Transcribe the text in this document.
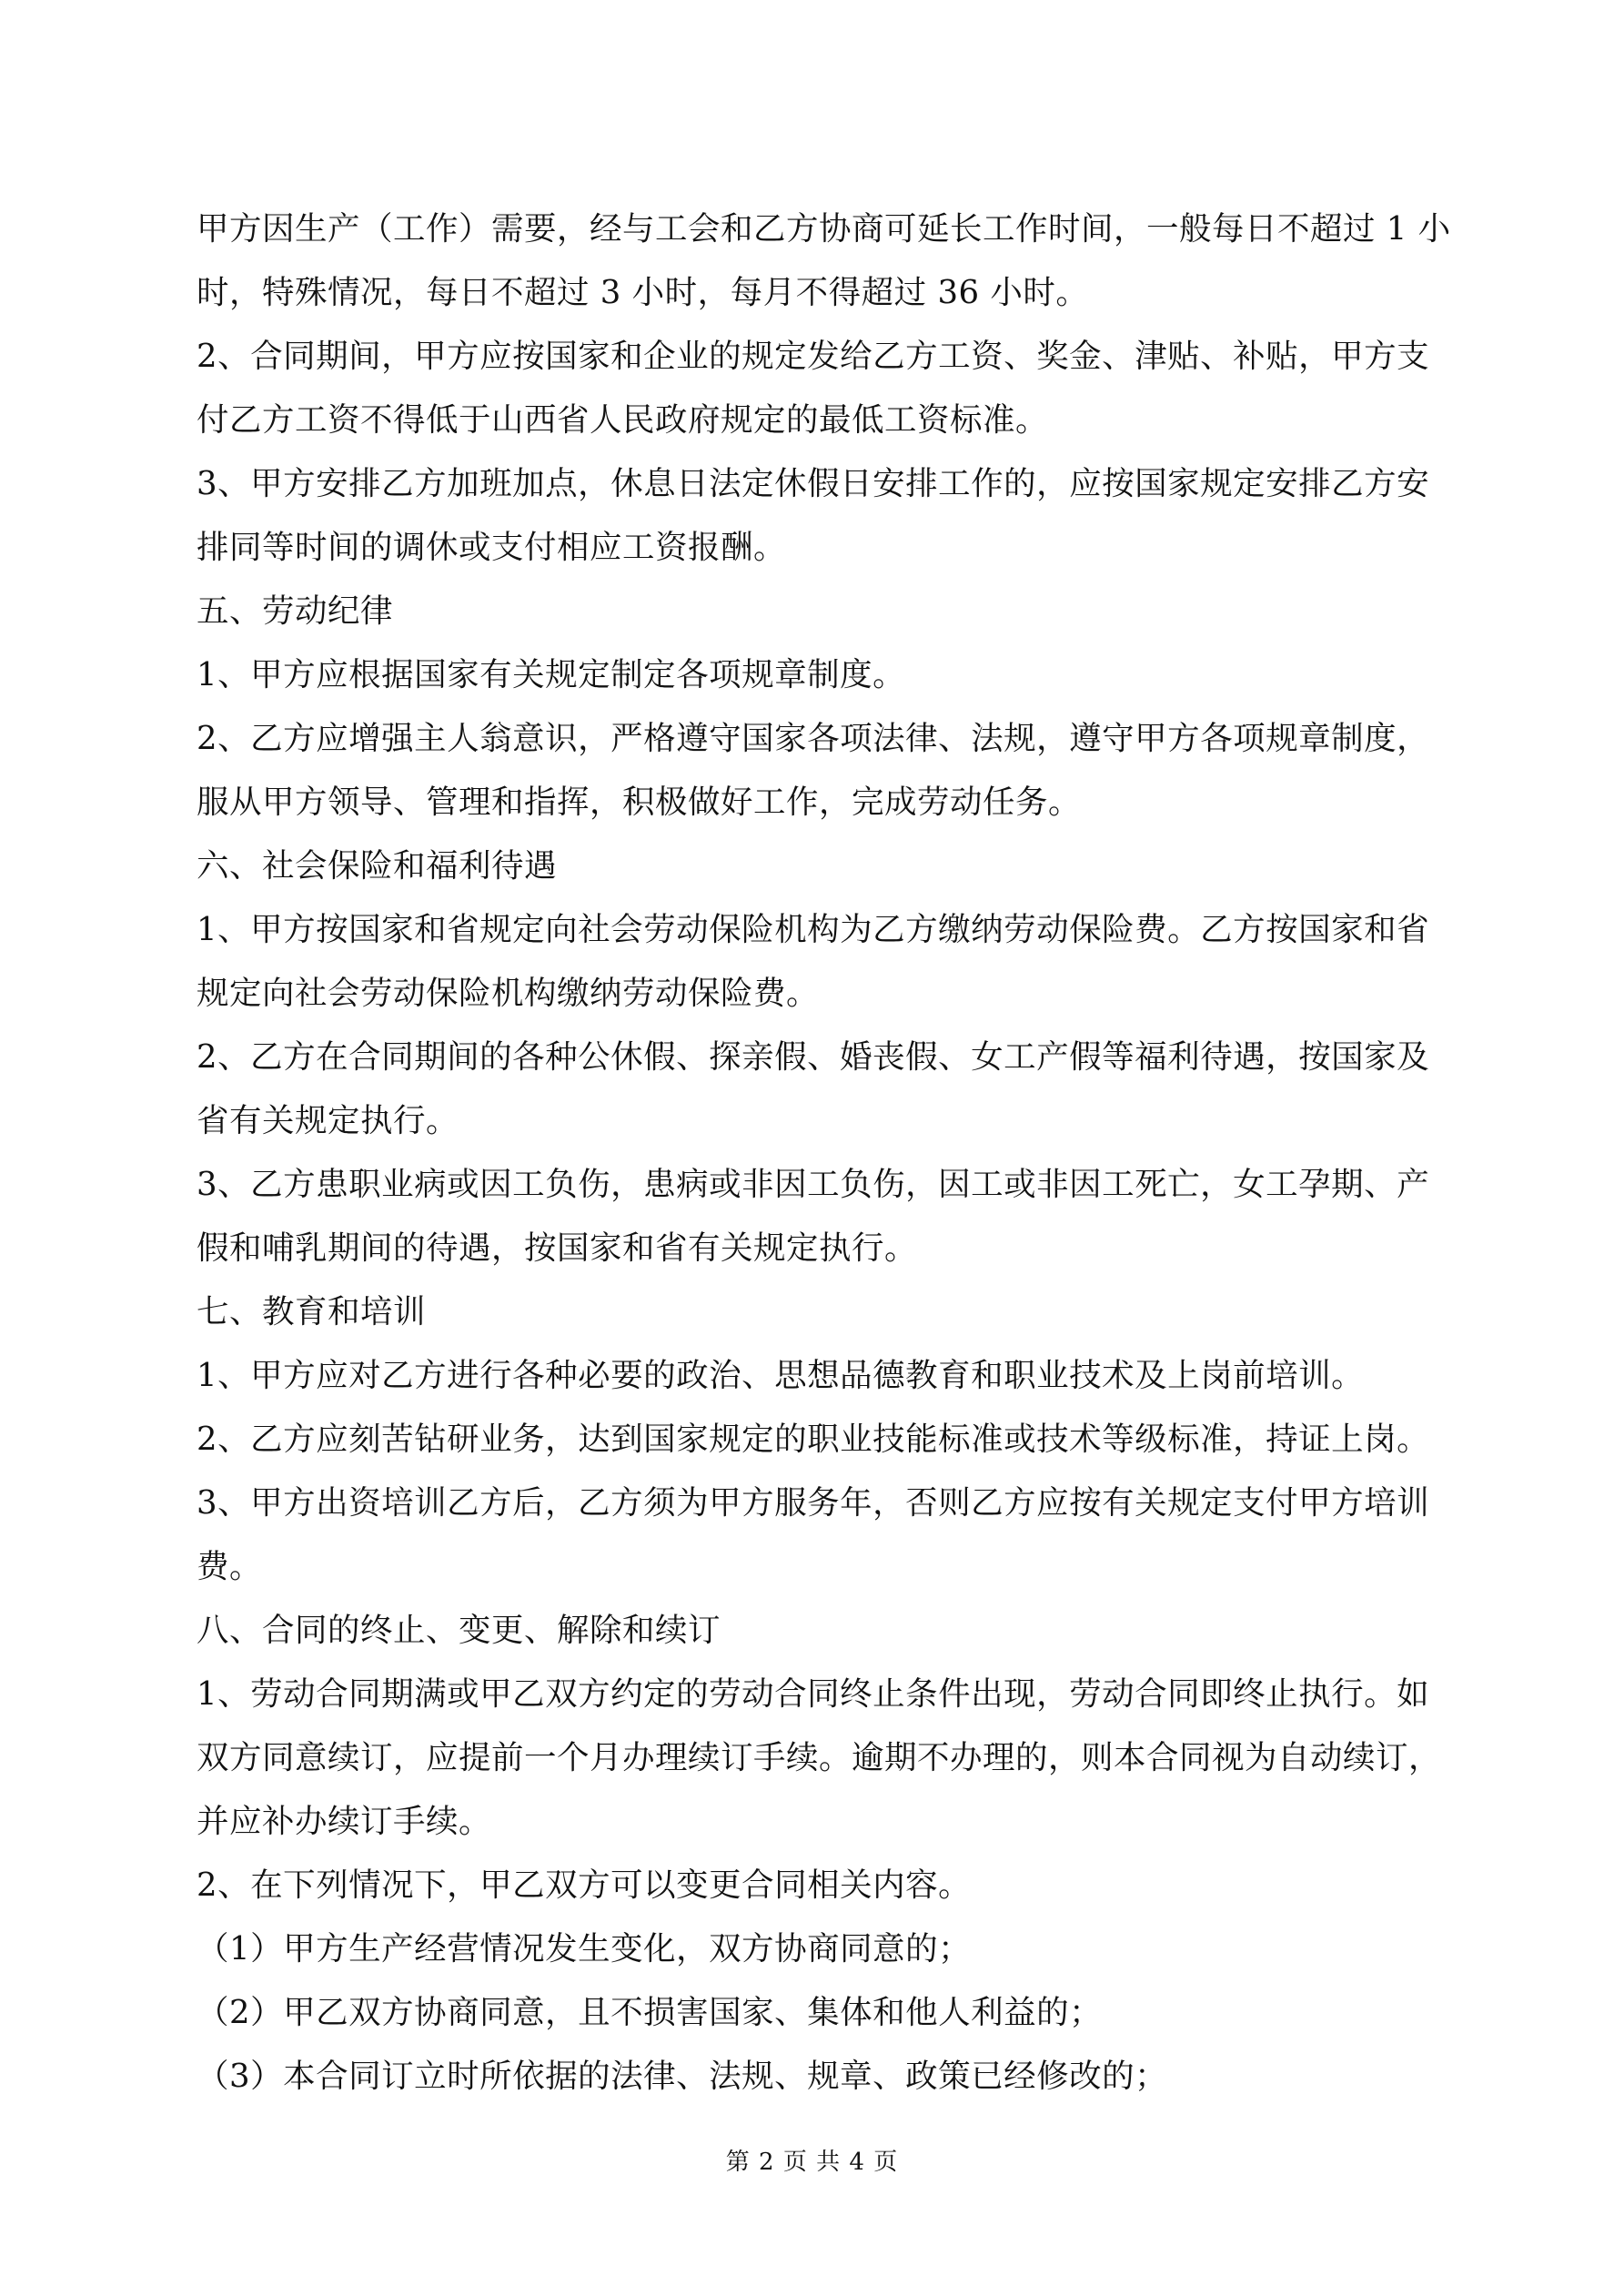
甲方因生产（工作）需要，经与工会和乙方协商可延长工作时间，一般每日不超过 1 小
时，特殊情况，每日不超过 3 小时，每月不得超过 36 小时。
2、合同期间，甲方应按国家和企业的规定发给乙方工资、奖金、津贴、补贴，甲方支
付乙方工资不得低于山西省人民政府规定的最低工资标准。
3、甲方安排乙方加班加点，休息日法定休假日安排工作的，应按国家规定安排乙方安
排同等时间的调休或支付相应工资报酬。
五、劳动纪律
1、甲方应根据国家有关规定制定各项规章制度。
2、乙方应增强主人翁意识，严格遵守国家各项法律、法规，遵守甲方各项规章制度，
服从甲方领导、管理和指挥，积极做好工作，完成劳动任务。
六、社会保险和福利待遇
1、甲方按国家和省规定向社会劳动保险机构为乙方缴纳劳动保险费。乙方按国家和省
规定向社会劳动保险机构缴纳劳动保险费。
2、乙方在合同期间的各种公休假、探亲假、婚丧假、女工产假等福利待遇，按国家及
省有关规定执行。
3、乙方患职业病或因工负伤，患病或非因工负伤，因工或非因工死亡，女工孕期、产
假和哺乳期间的待遇，按国家和省有关规定执行。
七、教育和培训
1、甲方应对乙方进行各种必要的政治、思想品德教育和职业技术及上岗前培训。
2、乙方应刻苦钻研业务，达到国家规定的职业技能标准或技术等级标准，持证上岗。
3、甲方出资培训乙方后，乙方须为甲方服务年，否则乙方应按有关规定支付甲方培训
费。
八、合同的终止、变更、解除和续订
1、劳动合同期满或甲乙双方约定的劳动合同终止条件出现，劳动合同即终止执行。如
双方同意续订，应提前一个月办理续订手续。逾期不办理的，则本合同视为自动续订，
并应补办续订手续。
2、在下列情况下，甲乙双方可以变更合同相关内容。
（1）甲方生产经营情况发生变化，双方协商同意的；
（2）甲乙双方协商同意，且不损害国家、集体和他人利益的；
（3）本合同订立时所依据的法律、法规、规章、政策已经修改的；
第 2 页 共 4 页
